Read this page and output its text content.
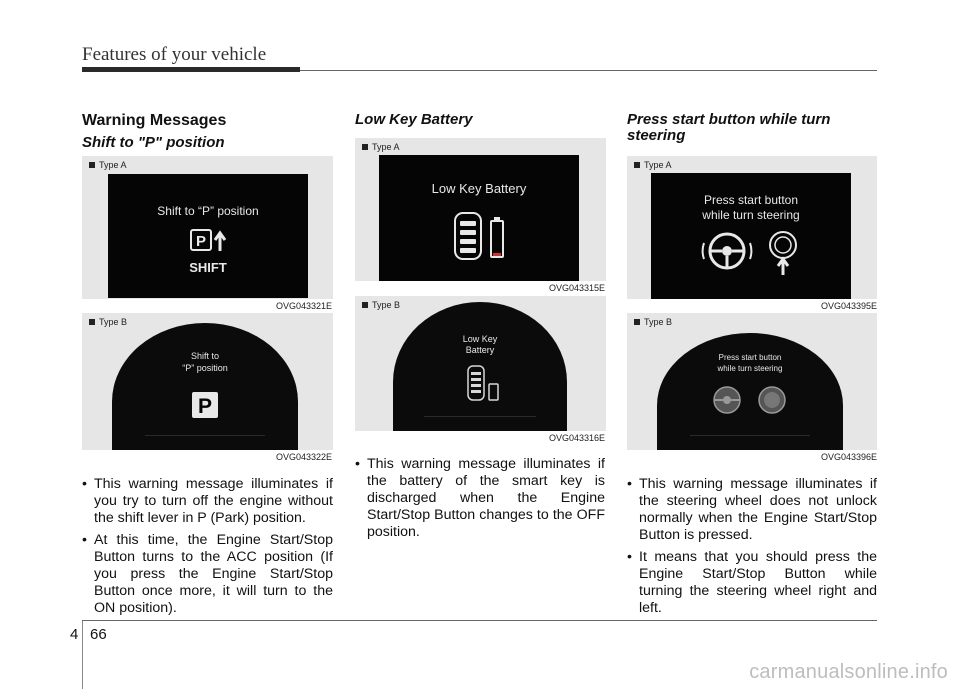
Features of your vehicle
Warning Messages
Shift to "P" position
Type A
Shift to “P” position
P
SHIFT
OVG043321E
Type B
Shift to
“P” position
P
OVG043322E
• This warning message illuminates if you try to turn off the engine without the shift lever in P (Park) position.
• At this time, the Engine Start/Stop Button turns to the ACC position (If you press the Engine Start/Stop Button once more, it will turn to the ON position).
Low Key Battery
Type A
Low Key Battery
OVG043315E
Type B
Low Key
Battery
OVG043316E
• This warning message illuminates if the battery of the smart key is discharged when the Engine Start/Stop Button changes to the OFF position.
Press start button while turn
steering
Type A
Press start button
while turn steering
OVG043395E
Type B
Press start button
while turn steering
OVG043396E
• This warning message illuminates if the steering wheel does not unlock normally when the Engine Start/Stop Button is pressed.
• It means that you should press the Engine Start/Stop Button while turning the steering wheel right and left.
4 66
carmanualsonline.info
